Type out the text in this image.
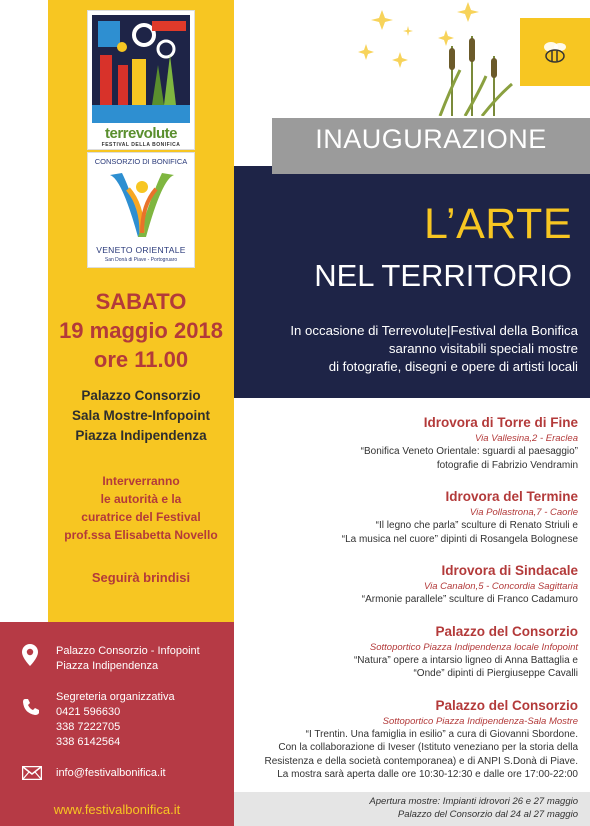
terrevolute
FESTIVAL DELLA BONIFICA
CONSORZIO DI BONIFICA
VENETO ORIENTALE
San Donà di Piave - Portogruaro
SABATO
19 maggio 2018
ore 11.00
Palazzo Consorzio
Sala Mostre-Infopoint
Piazza Indipendenza
Interverranno
le autorità e la
curatrice del Festival
prof.ssa Elisabetta Novello
Seguirà brindisi
Palazzo Consorzio - Infopoint
Piazza Indipendenza
Segreteria organizzativa
0421 596630
338 7222705
338 6142564
info@festivalbonifica.it
www.festivalbonifica.it
INAUGURAZIONE
L’ARTE
NEL TERRITORIO
In occasione di Terrevolute|Festival della Bonifica
saranno visitabili speciali mostre
di fotografie, disegni e opere di artisti locali
Idrovora di Torre di Fine
Via Vallesina,2 - Eraclea
“Bonifica Veneto Orientale: sguardi al paesaggio”
fotografie di Fabrizio Vendramin
Idrovora del Termine
Via Pollastrona,7 - Caorle
“Il legno che parla” sculture di Renato Striuli e
“La musica nel cuore” dipinti di Rosangela Bolognese
Idrovora di Sindacale
Via Canalon,5 - Concordia Sagittaria
“Armonie parallele” sculture di Franco Cadamuro
Palazzo del Consorzio
Sottoportico Piazza Indipendenza locale Infopoint
“Natura” opere a intarsio ligneo di Anna Battaglia e
“Onde” dipinti di Piergiuseppe Cavalli
Palazzo del Consorzio
Sottoportico Piazza Indipendenza-Sala Mostre
“I Trentin. Una famiglia in esilio” a cura di Giovanni Sbordone.
Con la collaborazione di Iveser (Istituto veneziano per la storia della
Resistenza e della società contemporanea) e di ANPI S.Donà di Piave.
La mostra sarà aperta dalle ore 10:30-12:30 e dalle ore 17:00-22:00
Apertura mostre: Impianti idrovori 26 e 27 maggio
Palazzo del Consorzio dal 24 al 27 maggio
